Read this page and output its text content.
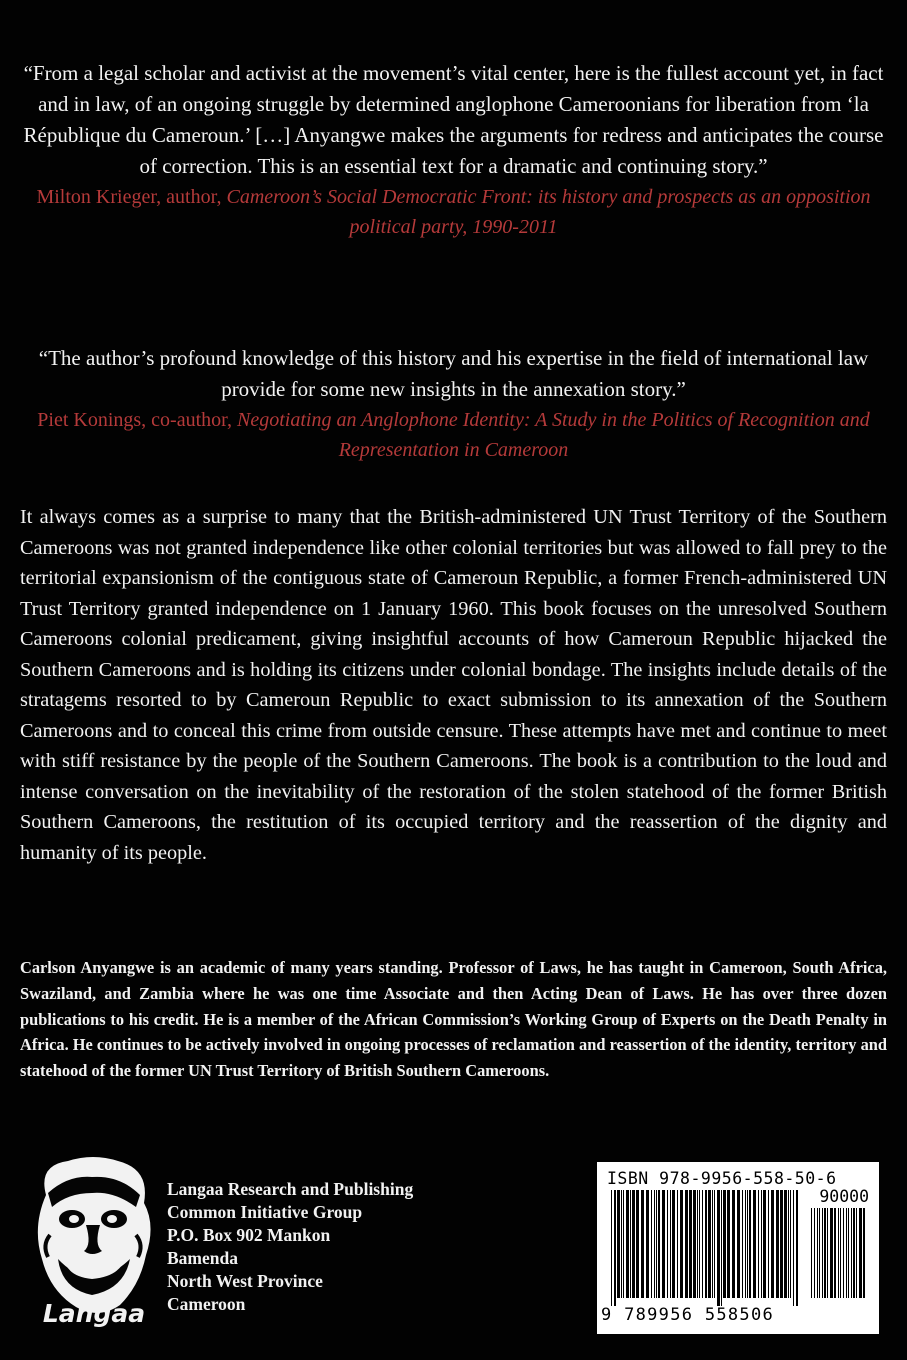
“From a legal scholar and activist at the movement’s vital center, here is the fullest account yet, in fact and in law, of an ongoing struggle by determined anglophone Cameroonians for liberation from ‘la République du Cameroun.’ […] Anyangwe makes the arguments for redress and anticipates the course of correction. This is an essential text for a dramatic and continuing story.”
Milton Krieger, author, Cameroon’s Social Democratic Front: its history and prospects as an opposition political party, 1990-2011
“The author’s profound knowledge of this history and his expertise in the field of international law provide for some new insights in the annexation story.”
Piet Konings, co-author, Negotiating an Anglophone Identity: A Study in the Politics of Recognition and Representation in Cameroon
It always comes as a surprise to many that the British-administered UN Trust Territory of the Southern Cameroons was not granted independence like other colonial territories but was allowed to fall prey to the territorial expansionism of the contiguous state of Cameroun Republic, a former French-administered UN Trust Territory granted independence on 1 January 1960. This book focuses on the unresolved Southern Cameroons colonial predicament, giving insightful accounts of how Cameroun Republic hijacked the Southern Cameroons and is holding its citizens under colonial bondage. The insights include details of the stratagems resorted to by Cameroun Republic to exact submission to its annexation of the Southern Cameroons and to conceal this crime from outside censure. These attempts have met and continue to meet with stiff resistance by the people of the Southern Cameroons. The book is a contribution to the loud and intense conversation on the inevitability of the restoration of the stolen statehood of the former British Southern Cameroons, the restitution of its occupied territory and the reassertion of the dignity and humanity of its people.
Carlson Anyangwe is an academic of many years standing. Professor of Laws, he has taught in Cameroon, South Africa, Swaziland, and Zambia where he was one time Associate and then Acting Dean of Laws. He has over three dozen publications to his credit. He is a member of the African Commission’s Working Group of Experts on the Death Penalty in Africa. He continues to be actively involved in ongoing processes of reclamation and reassertion of the identity, territory and statehood of the former UN Trust Territory of British Southern Cameroons.
Langaa
Langaa Research and Publishing
Common Initiative Group
P.O. Box 902 Mankon
Bamenda
North West Province
Cameroon
ISBN 978-9956-558-50-6
90000
9 789956 558506
